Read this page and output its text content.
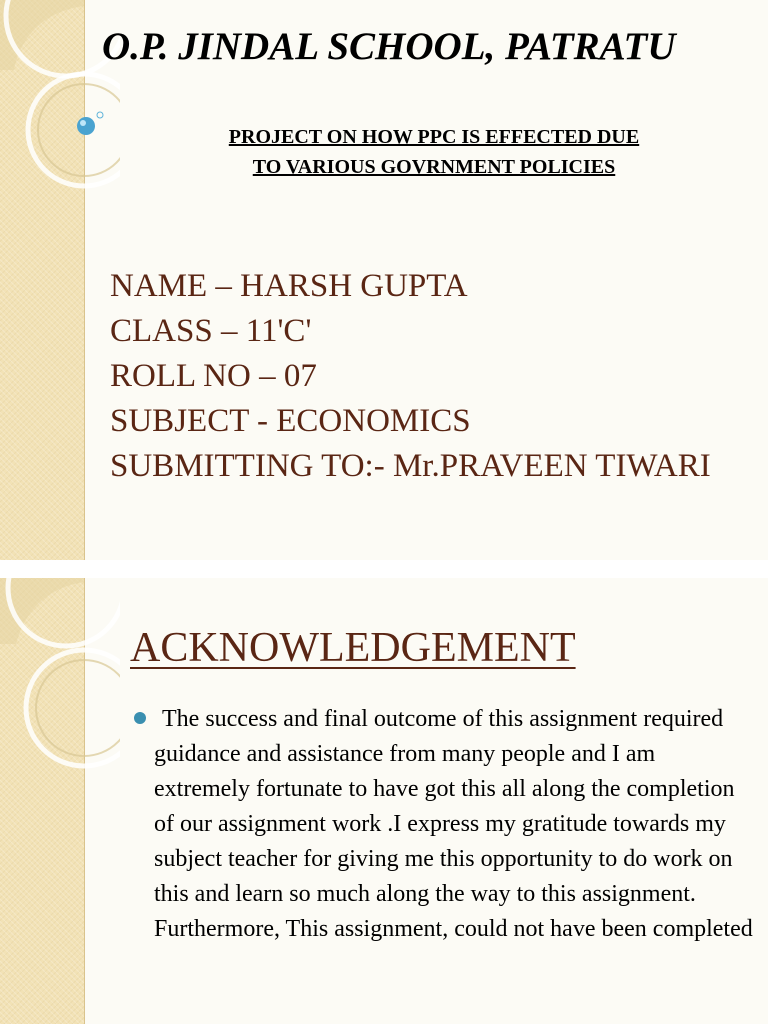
O.P. JINDAL SCHOOL, PATRATU
PROJECT ON HOW PPC IS EFFECTED DUE
TO VARIOUS GOVRNMENT POLICIES
NAME – HARSH GUPTA
CLASS – 11'C'
ROLL NO – 07
SUBJECT - ECONOMICS
SUBMITTING TO:- Mr.PRAVEEN TIWARI
ACKNOWLEDGEMENT
The success and final outcome of this assignment required guidance and assistance from many people and I am extremely fortunate to have got this all along the completion of our assignment work .I express my gratitude towards my subject teacher for giving me this opportunity to do work on this and learn so much along the way to this assignment. Furthermore, This assignment, could not have been completed
